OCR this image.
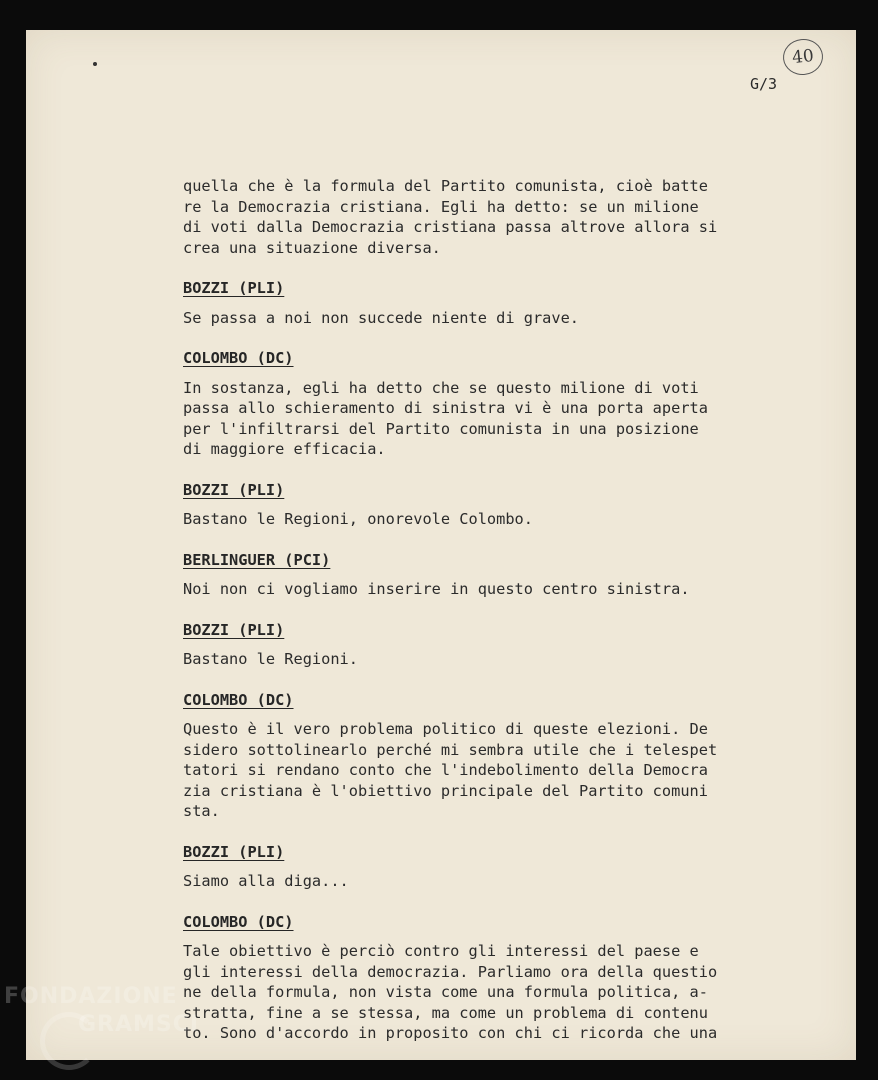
40
G/3
quella che è la formula del Partito comunista, cioè batte
re la Democrazia cristiana. Egli ha detto: se un milione
di voti dalla Democrazia cristiana passa altrove allora si
crea una situazione diversa.
BOZZI (PLI)
Se passa a noi non succede niente di grave.
COLOMBO (DC)
In sostanza, egli ha detto che se questo milione di voti
passa allo schieramento di sinistra vi è una porta aperta
per l'infiltrarsi del Partito comunista in una posizione
di maggiore efficacia.
BOZZI (PLI)
Bastano le Regioni, onorevole Colombo.
BERLINGUER (PCI)
Noi non ci vogliamo inserire in questo centro sinistra.
BOZZI (PLI)
Bastano le Regioni.
COLOMBO (DC)
Questo è il vero problema politico di queste elezioni. De
sidero sottolinearlo perché mi sembra utile che i telespet
tatori si rendano conto che l'indebolimento della Democra
zia cristiana è l'obiettivo principale del Partito comuni
sta.
BOZZI (PLI)
Siamo alla diga...
COLOMBO (DC)
Tale obiettivo è perciò contro gli interessi del paese e
gli interessi della democrazia. Parliamo ora della questio
ne della formula, non vista come una formula politica, a-
stratta, fine a se stessa, ma come un problema di contenu
to. Sono d'accordo in proposito con chi ci ricorda che una
FONDAZIONE
GRAMSCI
